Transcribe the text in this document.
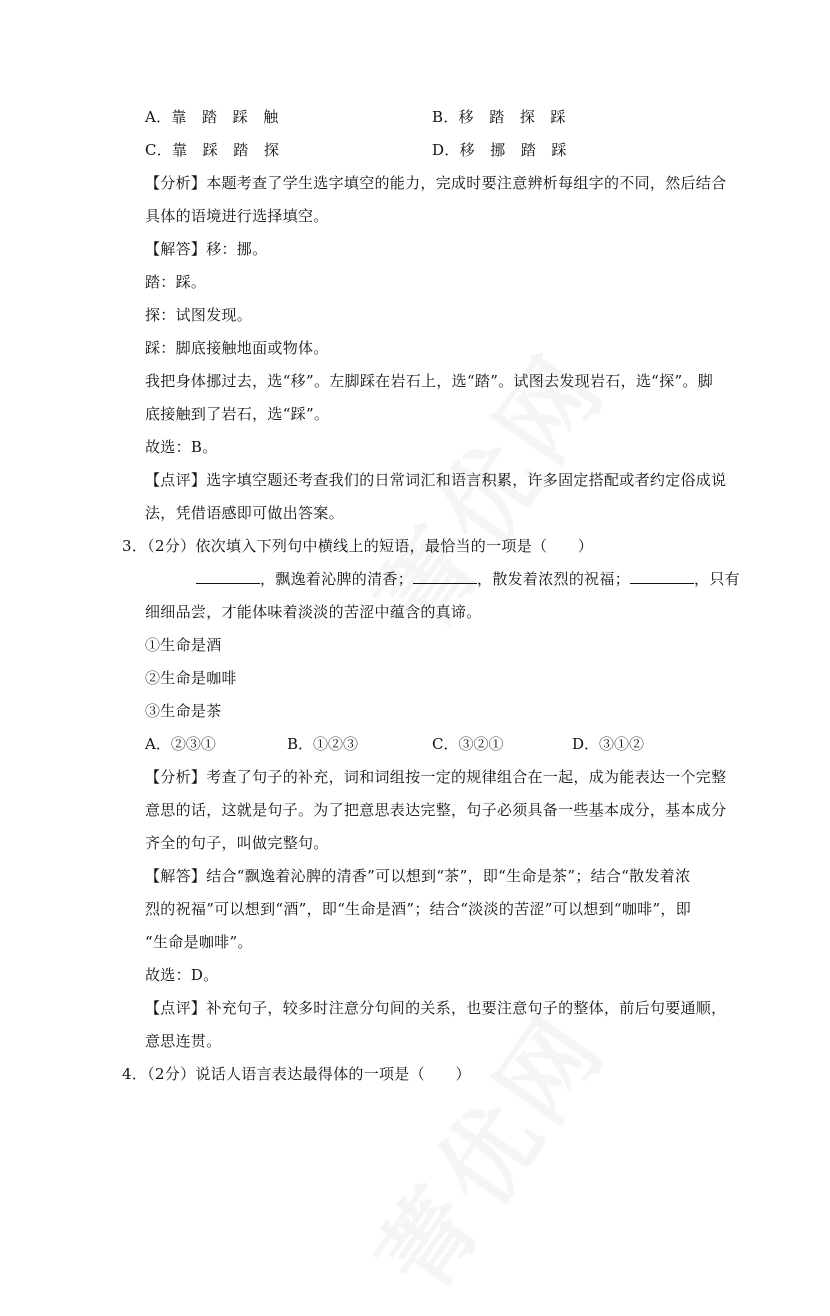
A．靠　踏　踩　触	B．移　踏　探　踩
C．靠　踩　踏　探	D．移　挪　踏　踩
【分析】本题考查了学生选字填空的能力，完成时要注意辨析每组字的不同，然后结合
具体的语境进行选择填空。
【解答】移：挪。
踏：踩。
探：试图发现。
踩：脚底接触地面或物体。
我把身体挪过去，选“移”。左脚踩在岩石上，选“踏”。试图去发现岩石，选“探”。脚
底接触到了岩石，选“踩”。
故选：B。
【点评】选字填空题还考查我们的日常词汇和语言积累，许多固定搭配或者约定俗成说
法，凭借语感即可做出答案。
3．（2分）依次填入下列句中横线上的短语，最恰当的一项是（　　）
，飘逸着沁脾的清香；	，散发着浓烈的祝福；	，只有
细细品尝，才能体味着淡淡的苦涩中蕴含的真谛。
①生命是酒
②生命是咖啡
③生命是茶
A．②③①	B．①②③	C．③②①	D．③①②
【分析】考查了句子的补充，词和词组按一定的规律组合在一起，成为能表达一个完整
意思的话，这就是句子。为了把意思表达完整，句子必须具备一些基本成分，基本成分
齐全的句子，叫做完整句。
【解答】结合“飘逸着沁脾的清香”可以想到“茶”，即“生命是茶”；结合“散发着浓
烈的祝福”可以想到“酒”，即“生命是酒”；结合“淡淡的苦涩”可以想到“咖啡”，即
“生命是咖啡”。
故选：D。
【点评】补充句子，较多时注意分句间的关系，也要注意句子的整体，前后句要通顺，
意思连贯。
4．（2分）说话人语言表达最得体的一项是（　　）
